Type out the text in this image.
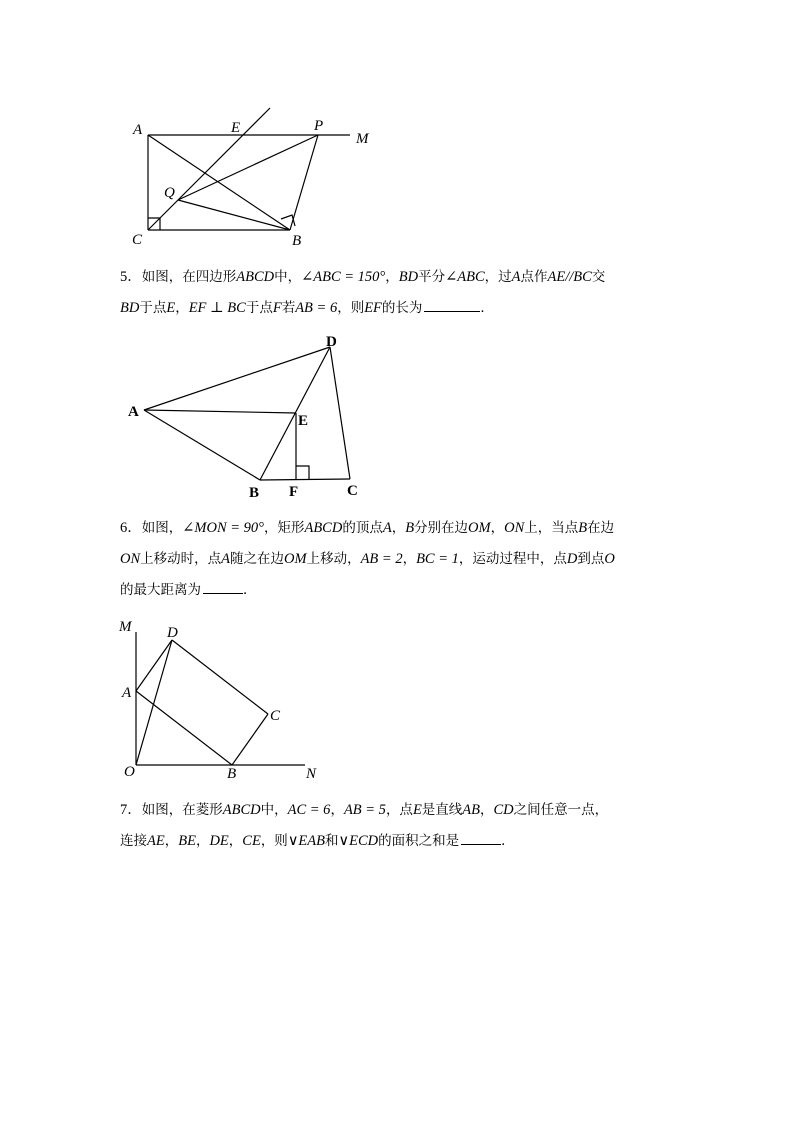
A	E	P
M
Q
C	B

5．如图，在四边形ABCD中，∠ABC = 150°，BD平分∠ABC，过A点作AE//BC交
BD于点E，EF ⊥ BC于点F若AB = 6，则EF的长为	．

A
D
E
B F	C

6．如图，∠MON = 90°，矩形ABCD的顶点A，B分别在边OM，ON上，当点B在边
ON上移动时，点A随之在边OM上移动，AB = 2，BC = 1，运动过程中，点D到点O
的最大距离为	．

M D
A
C
O	B	N

7．如图，在菱形ABCD中，AC = 6，AB = 5，点E是直线AB，CD之间任意一点，
连接AE，BE，DE，CE，则∨EAB和∨ECD的面积之和是	．
